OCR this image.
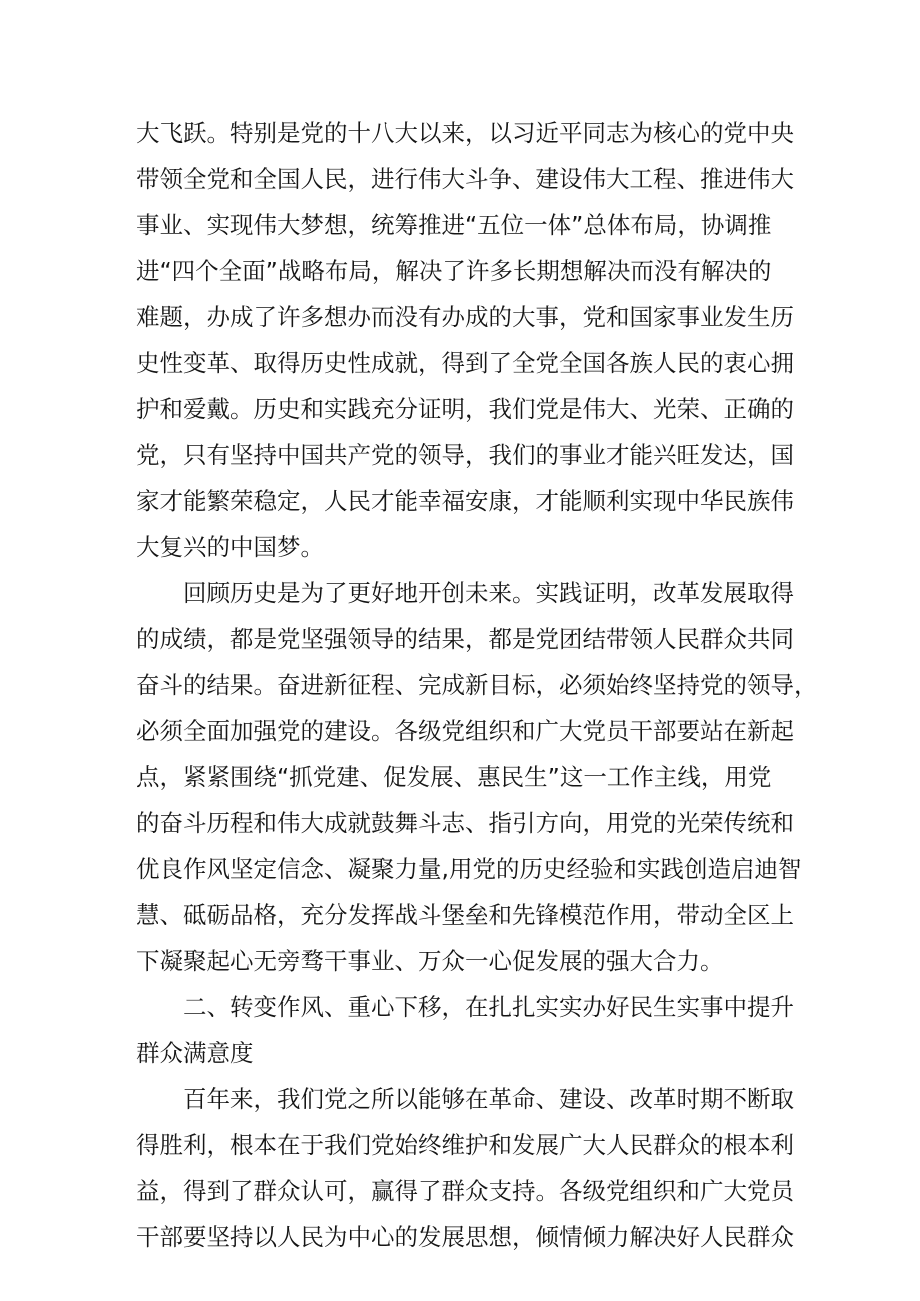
大飞跃。特别是党的十八大以来，以习近平同志为核心的党中央
带领全党和全国人民，进行伟大斗争、建设伟大工程、推进伟大
事业、实现伟大梦想，统筹推进“五位一体”总体布局，协调推
进“四个全面”战略布局，解决了许多长期想解决而没有解决的
难题，办成了许多想办而没有办成的大事，党和国家事业发生历
史性变革、取得历史性成就，得到了全党全国各族人民的衷心拥
护和爱戴。历史和实践充分证明，我们党是伟大、光荣、正确的
党，只有坚持中国共产党的领导，我们的事业才能兴旺发达，国
家才能繁荣稳定，人民才能幸福安康，才能顺利实现中华民族伟
大复兴的中国梦。
回顾历史是为了更好地开创未来。实践证明，改革发展取得
的成绩，都是党坚强领导的结果，都是党团结带领人民群众共同
奋斗的结果。奋进新征程、完成新目标，必须始终坚持党的领导，
必须全面加强党的建设。各级党组织和广大党员干部要站在新起
点，紧紧围绕“抓党建、促发展、惠民生”这一工作主线，用党
的奋斗历程和伟大成就鼓舞斗志、指引方向，用党的光荣传统和
优良作风坚定信念、凝聚力量,用党的历史经验和实践创造启迪智
慧、砥砺品格，充分发挥战斗堡垒和先锋模范作用，带动全区上
下凝聚起心无旁骛干事业、万众一心促发展的强大合力。
二、转变作风、重心下移，在扎扎实实办好民生实事中提升
群众满意度
百年来，我们党之所以能够在革命、建设、改革时期不断取
得胜利，根本在于我们党始终维护和发展广大人民群众的根本利
益，得到了群众认可，赢得了群众支持。各级党组织和广大党员
干部要坚持以人民为中心的发展思想，倾情倾力解决好人民群众
